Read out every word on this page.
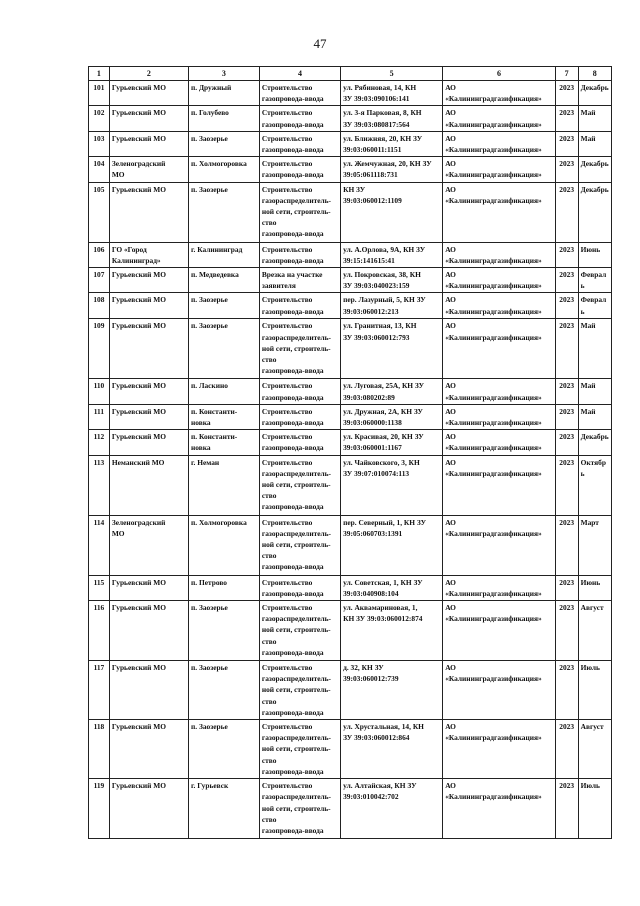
47
1	2	3	4	5	6	7	8
101	Гурьевский МО	п. Дружный	Строительство
газопровода-ввода	ул. Рябиновая, 14, КН
ЗУ 39:03:090106:141	АО
«Калининградгазификация»	2023	Декабрь
102	Гурьевский МО	п. Голубево	Строительство
газопровода-ввода	ул. 3-я Парковая, 8, КН
ЗУ 39:03:080817:564	АО
«Калининградгазификация»	2023	Май
103	Гурьевский МО	п. Заозерье	Строительство
газопровода-ввода	ул. Ближняя, 20, КН ЗУ
39:03:060011:1151	АО
«Калининградгазификация»	2023	Май
104	Зеленоградский
МО	п. Холмогоровка	Строительство
газопровода-ввода	ул. Жемчужная, 20, КН ЗУ
39:05:061118:731	АО
«Калининградгазификация»	2023	Декабрь
105	Гурьевский МО	п. Заозерье	Строительство
газораспределитель-
ной сети, строитель-
ство
газопровода-ввода	КН ЗУ
39:03:060012:1109	АО
«Калининградгазификация»	2023	Декабрь
106	ГО «Город
Калининград»	г. Калининград	Строительство
газопровода-ввода	ул. А.Орлова, 9А, КН ЗУ
39:15:141615:41	АО
«Калининградгазификация»	2023	Июнь
107	Гурьевский МО	п. Медведевка	Врезка на участке
заявителя	ул. Покровская, 38, КН
ЗУ 39:03:040023:159	АО
«Калининградгазификация»	2023	Февраль
108	Гурьевский МО	п. Заозерье	Строительство
газопровода-ввода	пер. Лазурный, 5, КН ЗУ
39:03:060012:213	АО
«Калининградгазификация»	2023	Февраль
109	Гурьевский МО	п. Заозерье	Строительство
газораспределитель-
ной сети, строитель-
ство
газопровода-ввода	ул. Гранитная, 13, КН
ЗУ 39:03:060012:793	АО
«Калининградгазификация»	2023	Май
110	Гурьевский МО	п. Ласкино	Строительство
газопровода-ввода	ул. Луговая, 25А, КН ЗУ
39:03:080202:89	АО
«Калининградгазификация»	2023	Май
111	Гурьевский МО	п. Константи-
новка	Строительство
газопровода-ввода	ул. Дружная, 2А, КН ЗУ
39:03:060000:1138	АО
«Калининградгазификация»	2023	Май
112	Гурьевский МО	п. Константи-
новка	Строительство
газопровода-ввода	ул. Красивая, 20, КН ЗУ
39:03:060001:1167	АО
«Калининградгазификация»	2023	Декабрь
113	Неманский МО	г. Неман	Строительство
газораспределитель-
ной сети, строитель-
ство
газопровода-ввода	ул. Чайковского, 3, КН
ЗУ 39:07:010074:113	АО
«Калининградгазификация»	2023	Октябрь
114	Зеленоградский
МО	п. Холмогоровка	Строительство
газораспределитель-
ной сети, строитель-
ство
газопровода-ввода	пер. Северный, 1, КН ЗУ
39:05:060703:1391	АО
«Калининградгазификация»	2023	Март
115	Гурьевский МО	п. Петрово	Строительство
газопровода-ввода	ул. Советская, 1, КН ЗУ
39:03:040908:104	АО
«Калининградгазификация»	2023	Июнь
116	Гурьевский МО	п. Заозерье	Строительство
газораспределитель-
ной сети, строитель-
ство
газопровода-ввода	ул. Аквамариновая, 1,
КН ЗУ 39:03:060012:874	АО
«Калининградгазификация»	2023	Август
117	Гурьевский МО	п. Заозерье	Строительство
газораспределитель-
ной сети, строитель-
ство
газопровода-ввода	д. 32, КН ЗУ
39:03:060012:739	АО
«Калининградгазификация»	2023	Июль
118	Гурьевский МО	п. Заозерье	Строительство
газораспределитель-
ной сети, строитель-
ство
газопровода-ввода	ул. Хрустальная, 14, КН
ЗУ 39:03:060012:864	АО
«Калининградгазификация»	2023	Август
119	Гурьевский МО	г. Гурьевск	Строительство
газораспределитель-
ной сети, строитель-
ство
газопровода-ввода	ул. Алтайская, КН ЗУ
39:03:010042:702	АО
«Калининградгазификация»	2023	Июль
